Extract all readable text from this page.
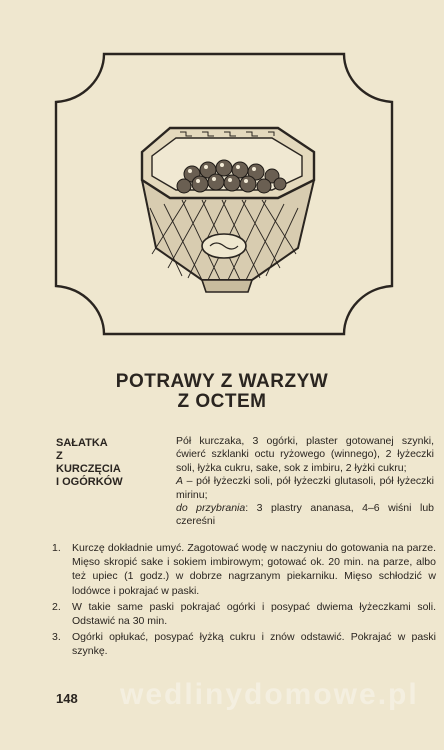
POTRAWY Z WARZYW
Z OCTEM
SAŁATKA
Z
KURCZĘCIA
I OGÓRKÓW

Pół kurczaka, 3 ogórki, plaster gotowanej szynki, ćwierć szklanki octu ryżowego (winnego), 2 łyżeczki soli, łyżka cukru, sake, sok z imbiru, 2 łyżki cukru;

A – pół łyżeczki soli, pół łyżeczki glutasoli, pół łyżeczki mirinu;

do przybrania: 3 plastry ananasa, 4–6 wiśni lub czereśni

1. Kurczę dokładnie umyć. Zagotować wodę w naczyniu do gotowania na parze. Mięso skropić sake i sokiem imbirowym; gotować ok. 20 min. na parze, albo też upiec (1 godz.) w dobrze nagrzanym piekarniku. Mięso schłodzić w lodówce i pokrajać w paski.
2. W takie same paski pokrajać ogórki i posypać dwiema łyżeczkami soli. Odstawić na 30 min.
3. Ogórki opłukać, posypać łyżką cukru i znów odstawić. Pokrajać w paski szynkę.
wedlinydomowe.pl
148
